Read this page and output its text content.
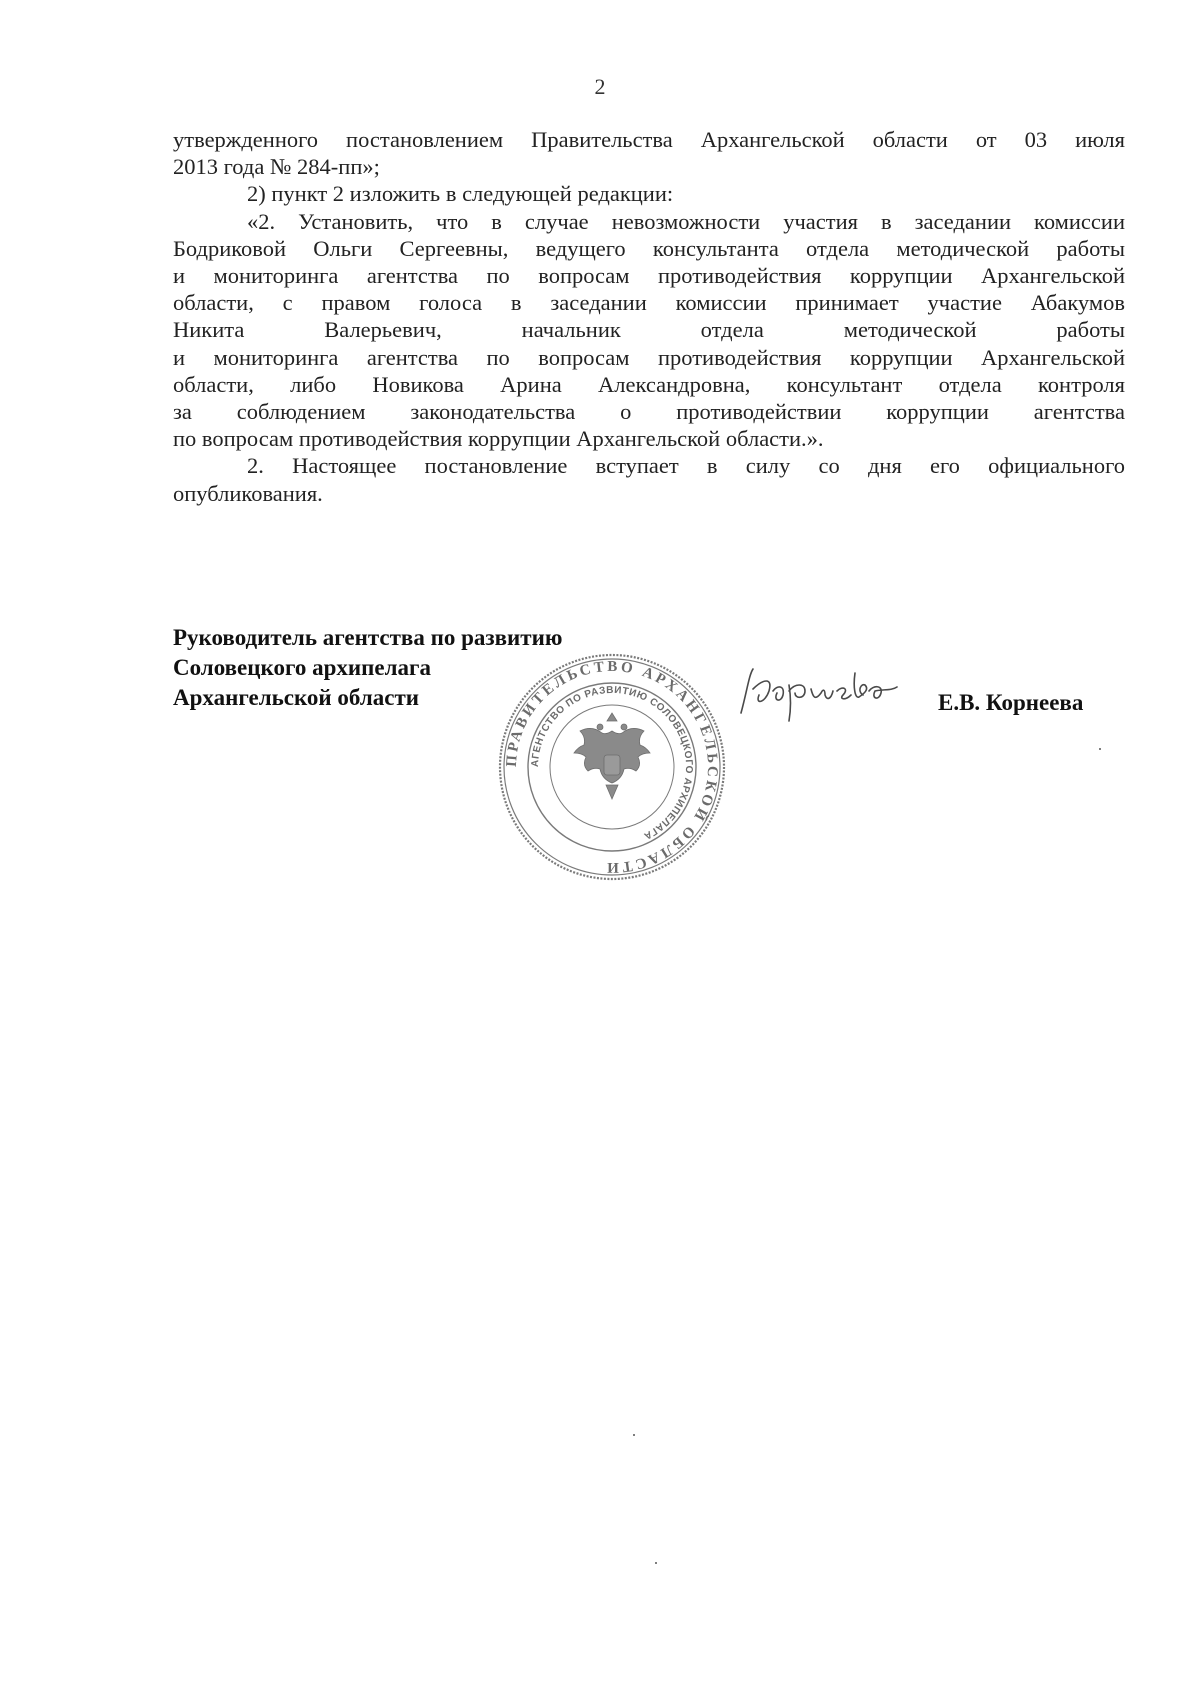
2
утвержденного постановлением Правительства Архангельской области от 03 июля
2013 года № 284-пп»;
2) пункт 2 изложить в следующей редакции:
«2. Установить, что в случае невозможности участия в заседании комиссии
Бодриковой Ольги Сергеевны, ведущего консультанта отдела методической работы
и мониторинга агентства по вопросам противодействия коррупции Архангельской
области, с правом голоса в заседании комиссии принимает участие Абакумов
Никита Валерьевич, начальник отдела методической работы
и мониторинга агентства по вопросам противодействия коррупции Архангельской
области, либо Новикова Арина Александровна, консультант отдела контроля
за соблюдением законодательства о противодействии коррупции агентства
по вопросам противодействия коррупции Архангельской области.».
2. Настоящее постановление вступает в силу со дня его официального
опубликования.
Руководитель агентства по развитию
Соловецкого архипелага
Архангельской области
ПРАВИТЕЛЬСТВО АРХАНГЕЛЬСКОЙ ОБЛАСТИ
АГЕНТСТВО ПО РАЗВИТИЮ СОЛОВЕЦКОГО АРХИПЕЛАГА
Е.В. Корнеева
